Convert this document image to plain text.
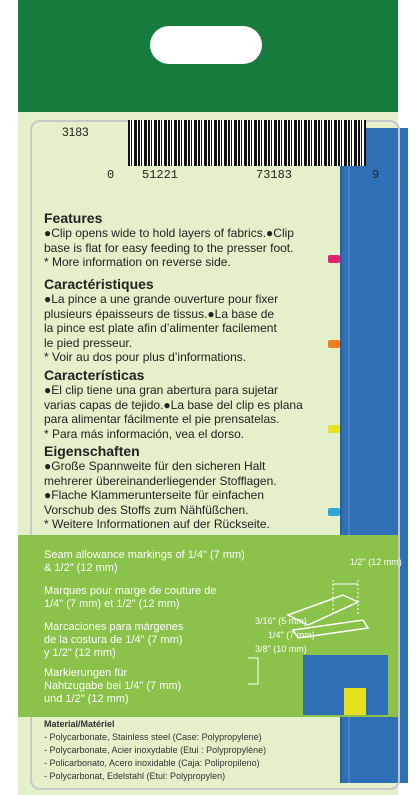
3183
0 51221	73183	9

Features

●Clip opens wide to hold layers of fabrics.●Clip

base is flat for easy feeding to the presser foot.

* More information on reverse side.

Caractéristiques

●La pince a une grande ouverture pour fixer

plusieurs épaisseurs de tissus.●La base de

la pince est plate afin d’alimenter facilement

le pied presseur.

* Voir au dos pour plus d’informations.

Características

●El clip tiene una gran abertura para sujetar

varias capas de tejido.●La base del clip es plana

para alimentar fácilmente el pie prensatelas.

* Para más información, vea el dorso.

Eigenschaften

●Große Spannweite für den sicheren Halt

mehrerer übereinanderliegender Stofflagen.

●Flache Klammerunterseite für einfachen

Vorschub des Stoffs zum Nähfüßchen.

* Weitere Informationen auf der Rückseite.

Seam allowance markings of 1/4" (7 mm)
& 1/2" (12 mm)
Marques pour marge de couture de
1/4" (7 mm) et 1/2" (12 mm)
Marcaciones para márgenes
de la costura de 1/4" (7 mm)
y 1/2" (12 mm)
Markierungen für
Nahtzugabe bei 1/4" (7 mm)
und 1/2" (12 mm)
1/2" (12 mm)
3/16" (5 mm)
1/4" (7 mm)
3/8" (10 mm)
Material/Matériel
- Polycarbonate, Stainless steel (Case: Polypropylene)
- Polycarbonate, Acier inoxydable (Etui : Polypropylène)
- Policarbonato, Acero inoxidable (Caja: Polipropileno)
- Polycarbonat, Edelstahl (Etui: Polypropylen)
